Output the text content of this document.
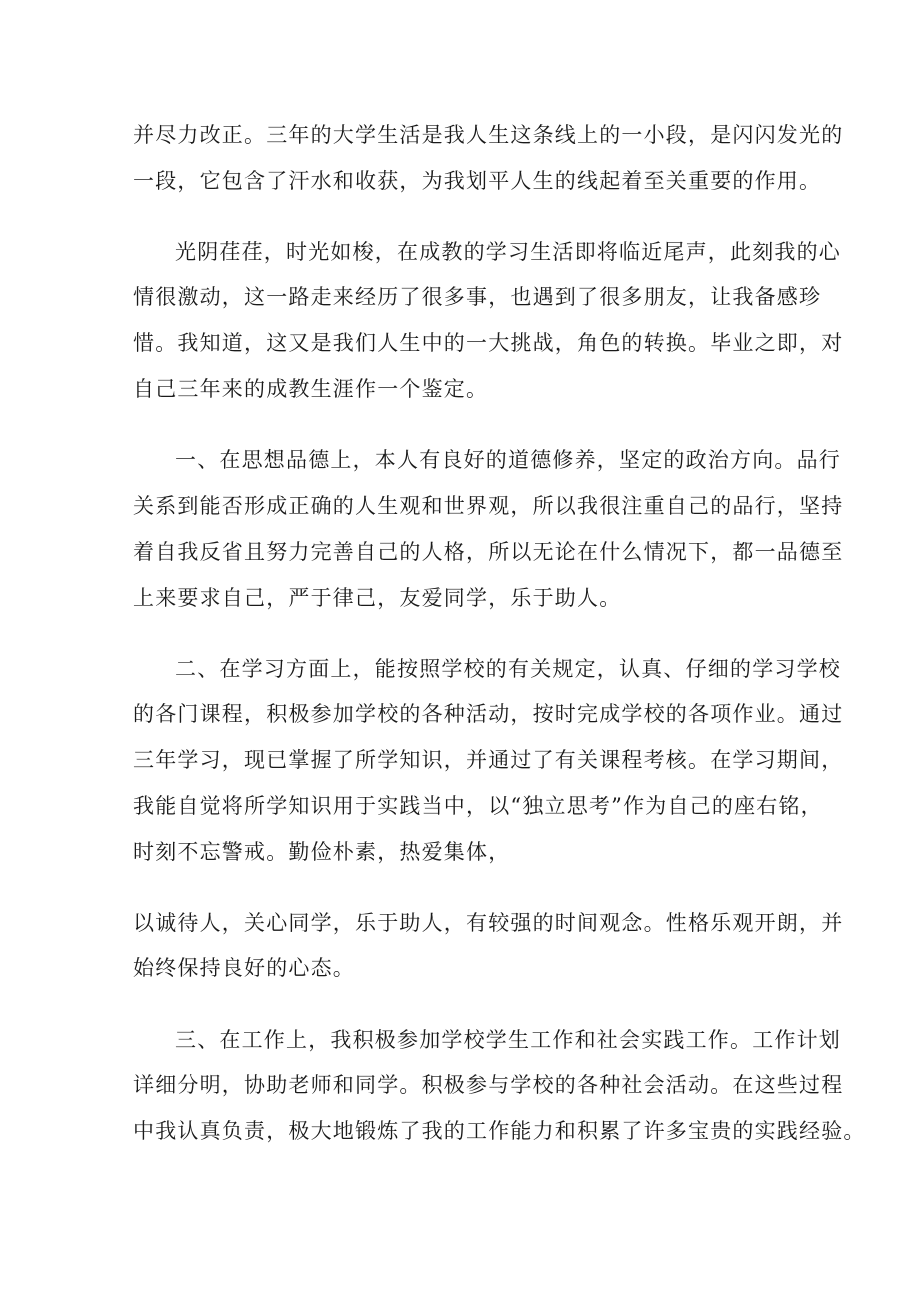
并尽力改正。三年的大学生活是我人生这条线上的一小段，是闪闪发光的
一段，它包含了汗水和收获，为我划平人生的线起着至关重要的作用。
光阴荏荏，时光如梭，在成教的学习生活即将临近尾声，此刻我的心
情很激动，这一路走来经历了很多事，也遇到了很多朋友，让我备感珍
惜。我知道，这又是我们人生中的一大挑战，角色的转换。毕业之即，对
自己三年来的成教生涯作一个鉴定。
一、在思想品德上，本人有良好的道德修养，坚定的政治方向。品行
关系到能否形成正确的人生观和世界观，所以我很注重自己的品行，坚持
着自我反省且努力完善自己的人格，所以无论在什么情况下，都一品德至
上来要求自己，严于律己，友爱同学，乐于助人。
二、在学习方面上，能按照学校的有关规定，认真、仔细的学习学校
的各门课程，积极参加学校的各种活动，按时完成学校的各项作业。通过
三年学习，现已掌握了所学知识，并通过了有关课程考核。在学习期间，
我能自觉将所学知识用于实践当中，以“独立思考”作为自己的座右铭，
时刻不忘警戒。勤俭朴素，热爱集体，
以诚待人，关心同学，乐于助人，有较强的时间观念。性格乐观开朗，并
始终保持良好的心态。
三、在工作上，我积极参加学校学生工作和社会实践工作。工作计划
详细分明，协助老师和同学。积极参与学校的各种社会活动。在这些过程
中我认真负责，极大地锻炼了我的工作能力和积累了许多宝贵的实践经验。
